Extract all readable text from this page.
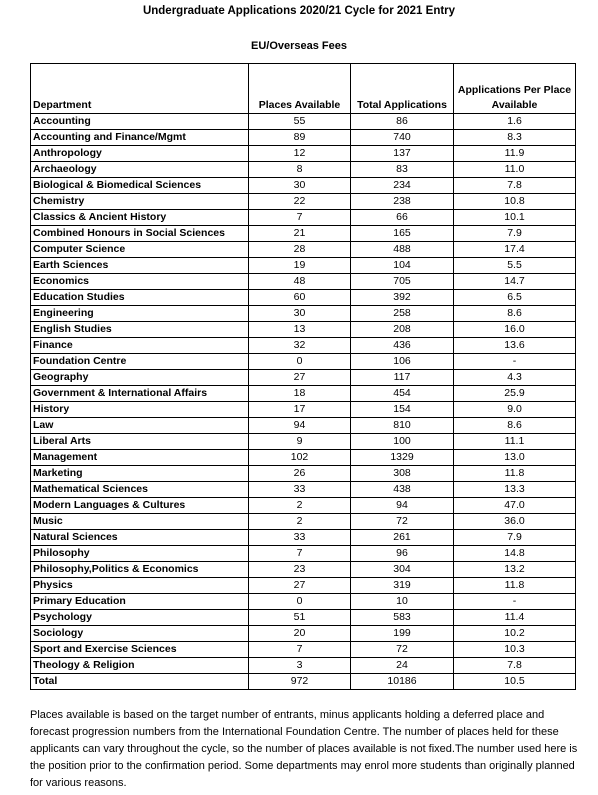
Undergraduate Applications 2020/21 Cycle for 2021 Entry
EU/Overseas Fees
Department	Places Available	Total Applications	Applications Per Place Available
Accounting	55	86	1.6
Accounting and Finance/Mgmt	89	740	8.3
Anthropology	12	137	11.9
Archaeology	8	83	11.0
Biological & Biomedical Sciences	30	234	7.8
Chemistry	22	238	10.8
Classics & Ancient History	7	66	10.1
Combined Honours in Social Sciences	21	165	7.9
Computer Science	28	488	17.4
Earth Sciences	19	104	5.5
Economics	48	705	14.7
Education Studies	60	392	6.5
Engineering	30	258	8.6
English Studies	13	208	16.0
Finance	32	436	13.6
Foundation Centre	0	106	-
Geography	27	117	4.3
Government & International Affairs	18	454	25.9
History	17	154	9.0
Law	94	810	8.6
Liberal Arts	9	100	11.1
Management	102	1329	13.0
Marketing	26	308	11.8
Mathematical Sciences	33	438	13.3
Modern Languages & Cultures	2	94	47.0
Music	2	72	36.0
Natural Sciences	33	261	7.9
Philosophy	7	96	14.8
Philosophy,Politics & Economics	23	304	13.2
Physics	27	319	11.8
Primary Education	0	10	-
Psychology	51	583	11.4
Sociology	20	199	10.2
Sport and Exercise Sciences	7	72	10.3
Theology & Religion	3	24	7.8
Total	972	10186	10.5
Places available is based on the target number of entrants, minus applicants holding a deferred place and forecast progression numbers from the International Foundation Centre. The number of places held for these applicants can vary throughout the cycle, so the number of places available is not fixed.The number used here is the position prior to the confirmation period. Some departments may enrol more students than originally planned for various reasons.
